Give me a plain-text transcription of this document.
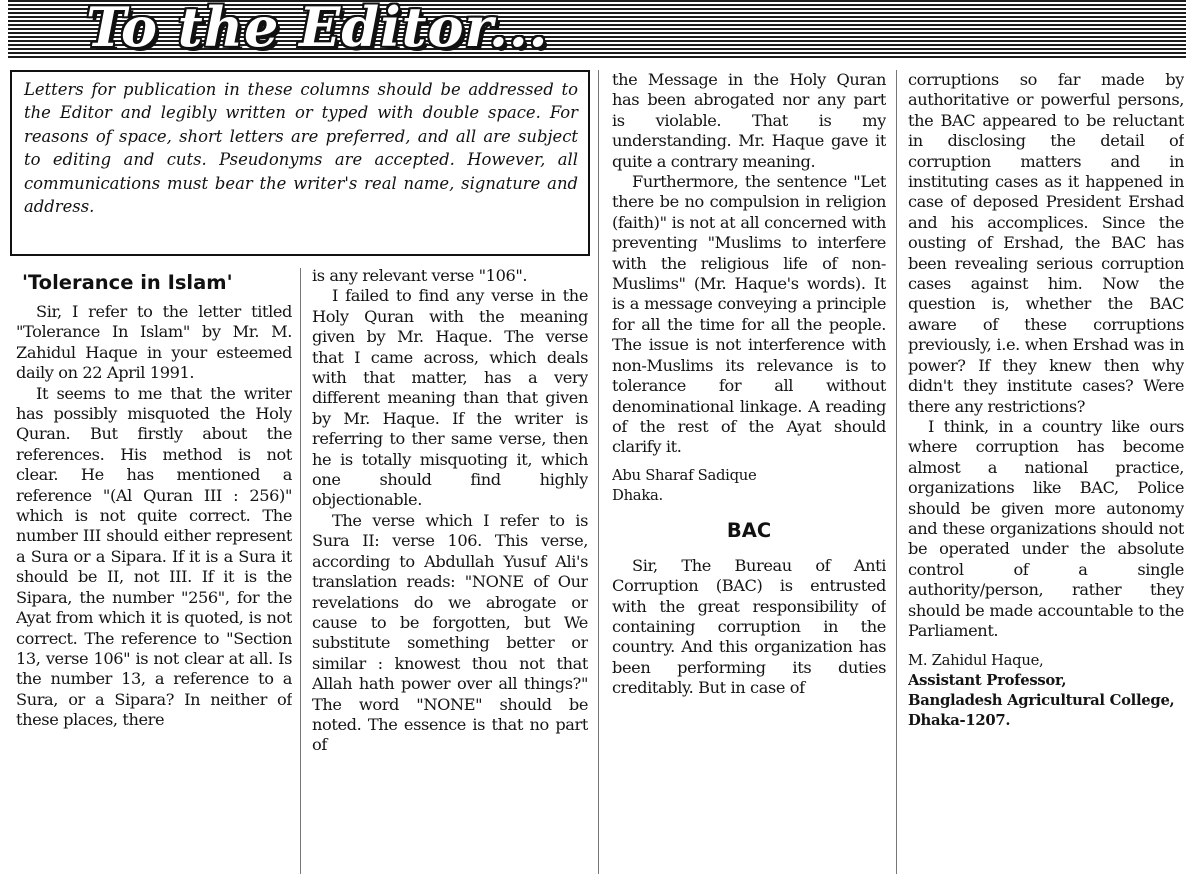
To the Editor...
Letters for publication in these columns should be addressed to the Editor and legibly written or typed with double space. For reasons of space, short letters are preferred, and all are subject to editing and cuts. Pseudonyms are accepted. However, all communications must bear the writer's real name, signature and address.

'Tolerance in Islam'

Sir, I refer to the letter titled "Tolerance In Islam" by Mr. M. Zahidul Haque in your esteemed daily on 22 April 1991.

It seems to me that the writer has possibly misquoted the Holy Quran. But firstly about the references. His method is not clear. He has mentioned a reference "(Al Quran III : 256)" which is not quite correct. The number III should either represent a Sura or a Sipara. If it is a Sura it should be II, not III. If it is the Sipara, the number "256", for the Ayat from which it is quoted, is not correct. The reference to "Section 13, verse 106" is not clear at all. Is the number 13, a reference to a Sura, or a Sipara? In neither of these places, there

is any relevant verse "106".

I failed to find any verse in the Holy Quran with the meaning given by Mr. Haque. The verse that I came across, which deals with that matter, has a very different meaning than that given by Mr. Haque. If the writer is referring to ther same verse, then he is totally misquoting it, which one should find highly objectionable.

The verse which I refer to is Sura II: verse 106. This verse, according to Abdullah Yusuf Ali's translation reads: "NONE of Our revelations do we abrogate or cause to be forgotten, but We substitute something better or similar : knowest thou not that Allah hath power over all things?" The word "NONE" should be noted. The essence is that no part of

the Message in the Holy Quran has been abrogated nor any part is violable. That is my understanding. Mr. Haque gave it quite a contrary meaning.

Furthermore, the sentence "Let there be no compulsion in religion (faith)" is not at all concerned with preventing "Muslims to interfere with the religious life of non-Muslims" (Mr. Haque's words). It is a message conveying a principle for all the time for all the people. The issue is not interference with non-Muslims its relevance is to tolerance for all without denominational linkage. A reading of the rest of the Ayat should clarify it.

Abu Sharaf Sadique

Dhaka.

BAC

Sir, The Bureau of Anti Corruption (BAC) is entrusted with the great responsibility of containing corruption in the country. And this organization has been performing its duties creditably. But in case of

corruptions so far made by authoritative or powerful persons, the BAC appeared to be reluctant in disclosing the detail of corruption matters and in instituting cases as it happened in case of deposed President Ershad and his accomplices. Since the ousting of Ershad, the BAC has been revealing serious corruption cases against him. Now the question is, whether the BAC aware of these corruptions previously, i.e. when Ershad was in power? If they knew then why didn't they institute cases? Were there any restrictions?

I think, in a country like ours where corruption has become almost a national practice, organizations like BAC, Police should be given more autonomy and these organizations should not be operated under the absolute control of a single authority/person, rather they should be made accountable to the Parliament.

M. Zahidul Haque,

Assistant Professor,

Bangladesh Agricultural College, Dhaka-1207.
